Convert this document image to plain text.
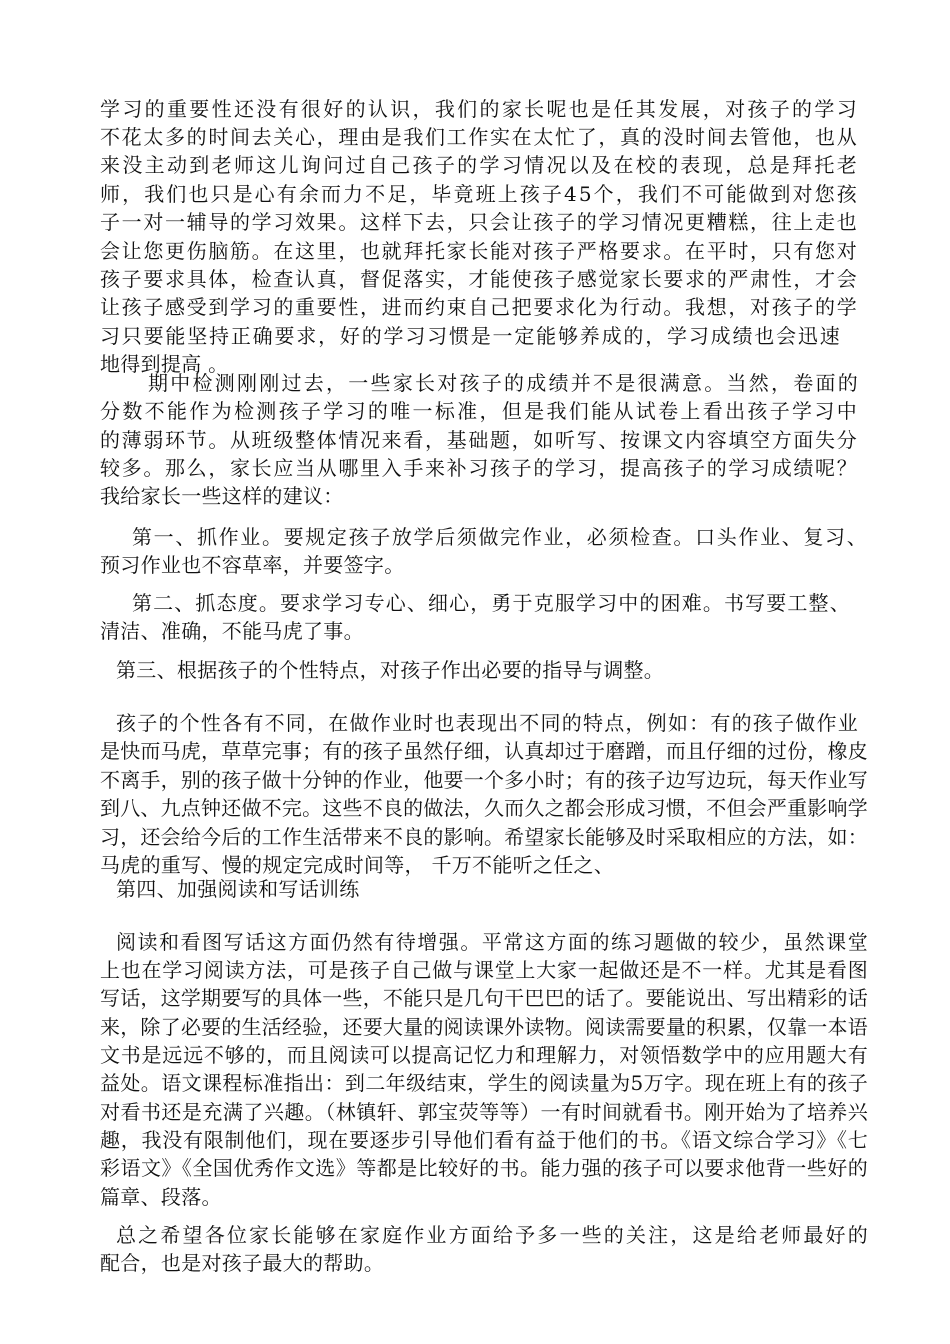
学习的重要性还没有很好的认识，我们的家长呢也是任其发展，对孩子的学习
不花太多的时间去关心，理由是我们工作实在太忙了，真的没时间去管他，也从
来没主动到老师这儿询问过自己孩子的学习情况以及在校的表现，总是拜托老
师，我们也只是心有余而力不足，毕竟班上孩子45个，我们不可能做到对您孩
子一对一辅导的学习效果。这样下去，只会让孩子的学习情况更糟糕，往上走也
会让您更伤脑筋。在这里，也就拜托家长能对孩子严格要求。在平时，只有您对
孩子要求具体，检查认真，督促落实，才能使孩子感觉家长要求的严肃性，才会
让孩子感受到学习的重要性，进而约束自己把要求化为行动。我想，对孩子的学
习只要能坚持正确要求，好的学习习惯是一定能够养成的，学习成绩也会迅速
地得到提高 。
期中检测刚刚过去，一些家长对孩子的成绩并不是很满意。当然，卷面的
分数不能作为检测孩子学习的唯一标准，但是我们能从试卷上看出孩子学习中
的薄弱环节。从班级整体情况来看，基础题，如听写、按课文内容填空方面失分
较多。那么，家长应当从哪里入手来补习孩子的学习，提高孩子的学习成绩呢？
我给家长一些这样的建议：
第一、抓作业。要规定孩子放学后须做完作业，必须检查。口头作业、复习、
预习作业也不容草率，并要签字。
第二、抓态度。要求学习专心、细心，勇于克服学习中的困难。书写要工整、
清洁、准确，不能马虎了事。
第三、根据孩子的个性特点，对孩子作出必要的指导与调整。
孩子的个性各有不同，在做作业时也表现出不同的特点，例如：有的孩子做作业
是快而马虎，草草完事；有的孩子虽然仔细，认真却过于磨蹭，而且仔细的过份，橡皮
不离手，别的孩子做十分钟的作业，他要一个多小时；有的孩子边写边玩，每天作业写
到八、九点钟还做不完。这些不良的做法，久而久之都会形成习惯，不但会严重影响学
习，还会给今后的工作生活带来不良的影响。希望家长能够及时采取相应的方法，如：
马虎的重写、慢的规定完成时间等， 千万不能听之任之、
第四、加强阅读和写话训练
阅读和看图写话这方面仍然有待增强。平常这方面的练习题做的较少，虽然课堂
上也在学习阅读方法，可是孩子自己做与课堂上大家一起做还是不一样。尤其是看图
写话，这学期要写的具体一些，不能只是几句干巴巴的话了。要能说出、写出精彩的话
来，除了必要的生活经验，还要大量的阅读课外读物。阅读需要量的积累，仅靠一本语
文书是远远不够的，而且阅读可以提高记忆力和理解力，对领悟数学中的应用题大有
益处。语文课程标准指出：到二年级结束，学生的阅读量为5万字。现在班上有的孩子
对看书还是充满了兴趣。（林镇轩、郭宝荧等等）一有时间就看书。刚开始为了培养兴
趣，我没有限制他们，现在要逐步引导他们看有益于他们的书。《语文综合学习》《七
彩语文》《全国优秀作文选》等都是比较好的书。能力强的孩子可以要求他背一些好的
篇章、段落。
总之希望各位家长能够在家庭作业方面给予多一些的关注，这是给老师最好的
配合，也是对孩子最大的帮助。
